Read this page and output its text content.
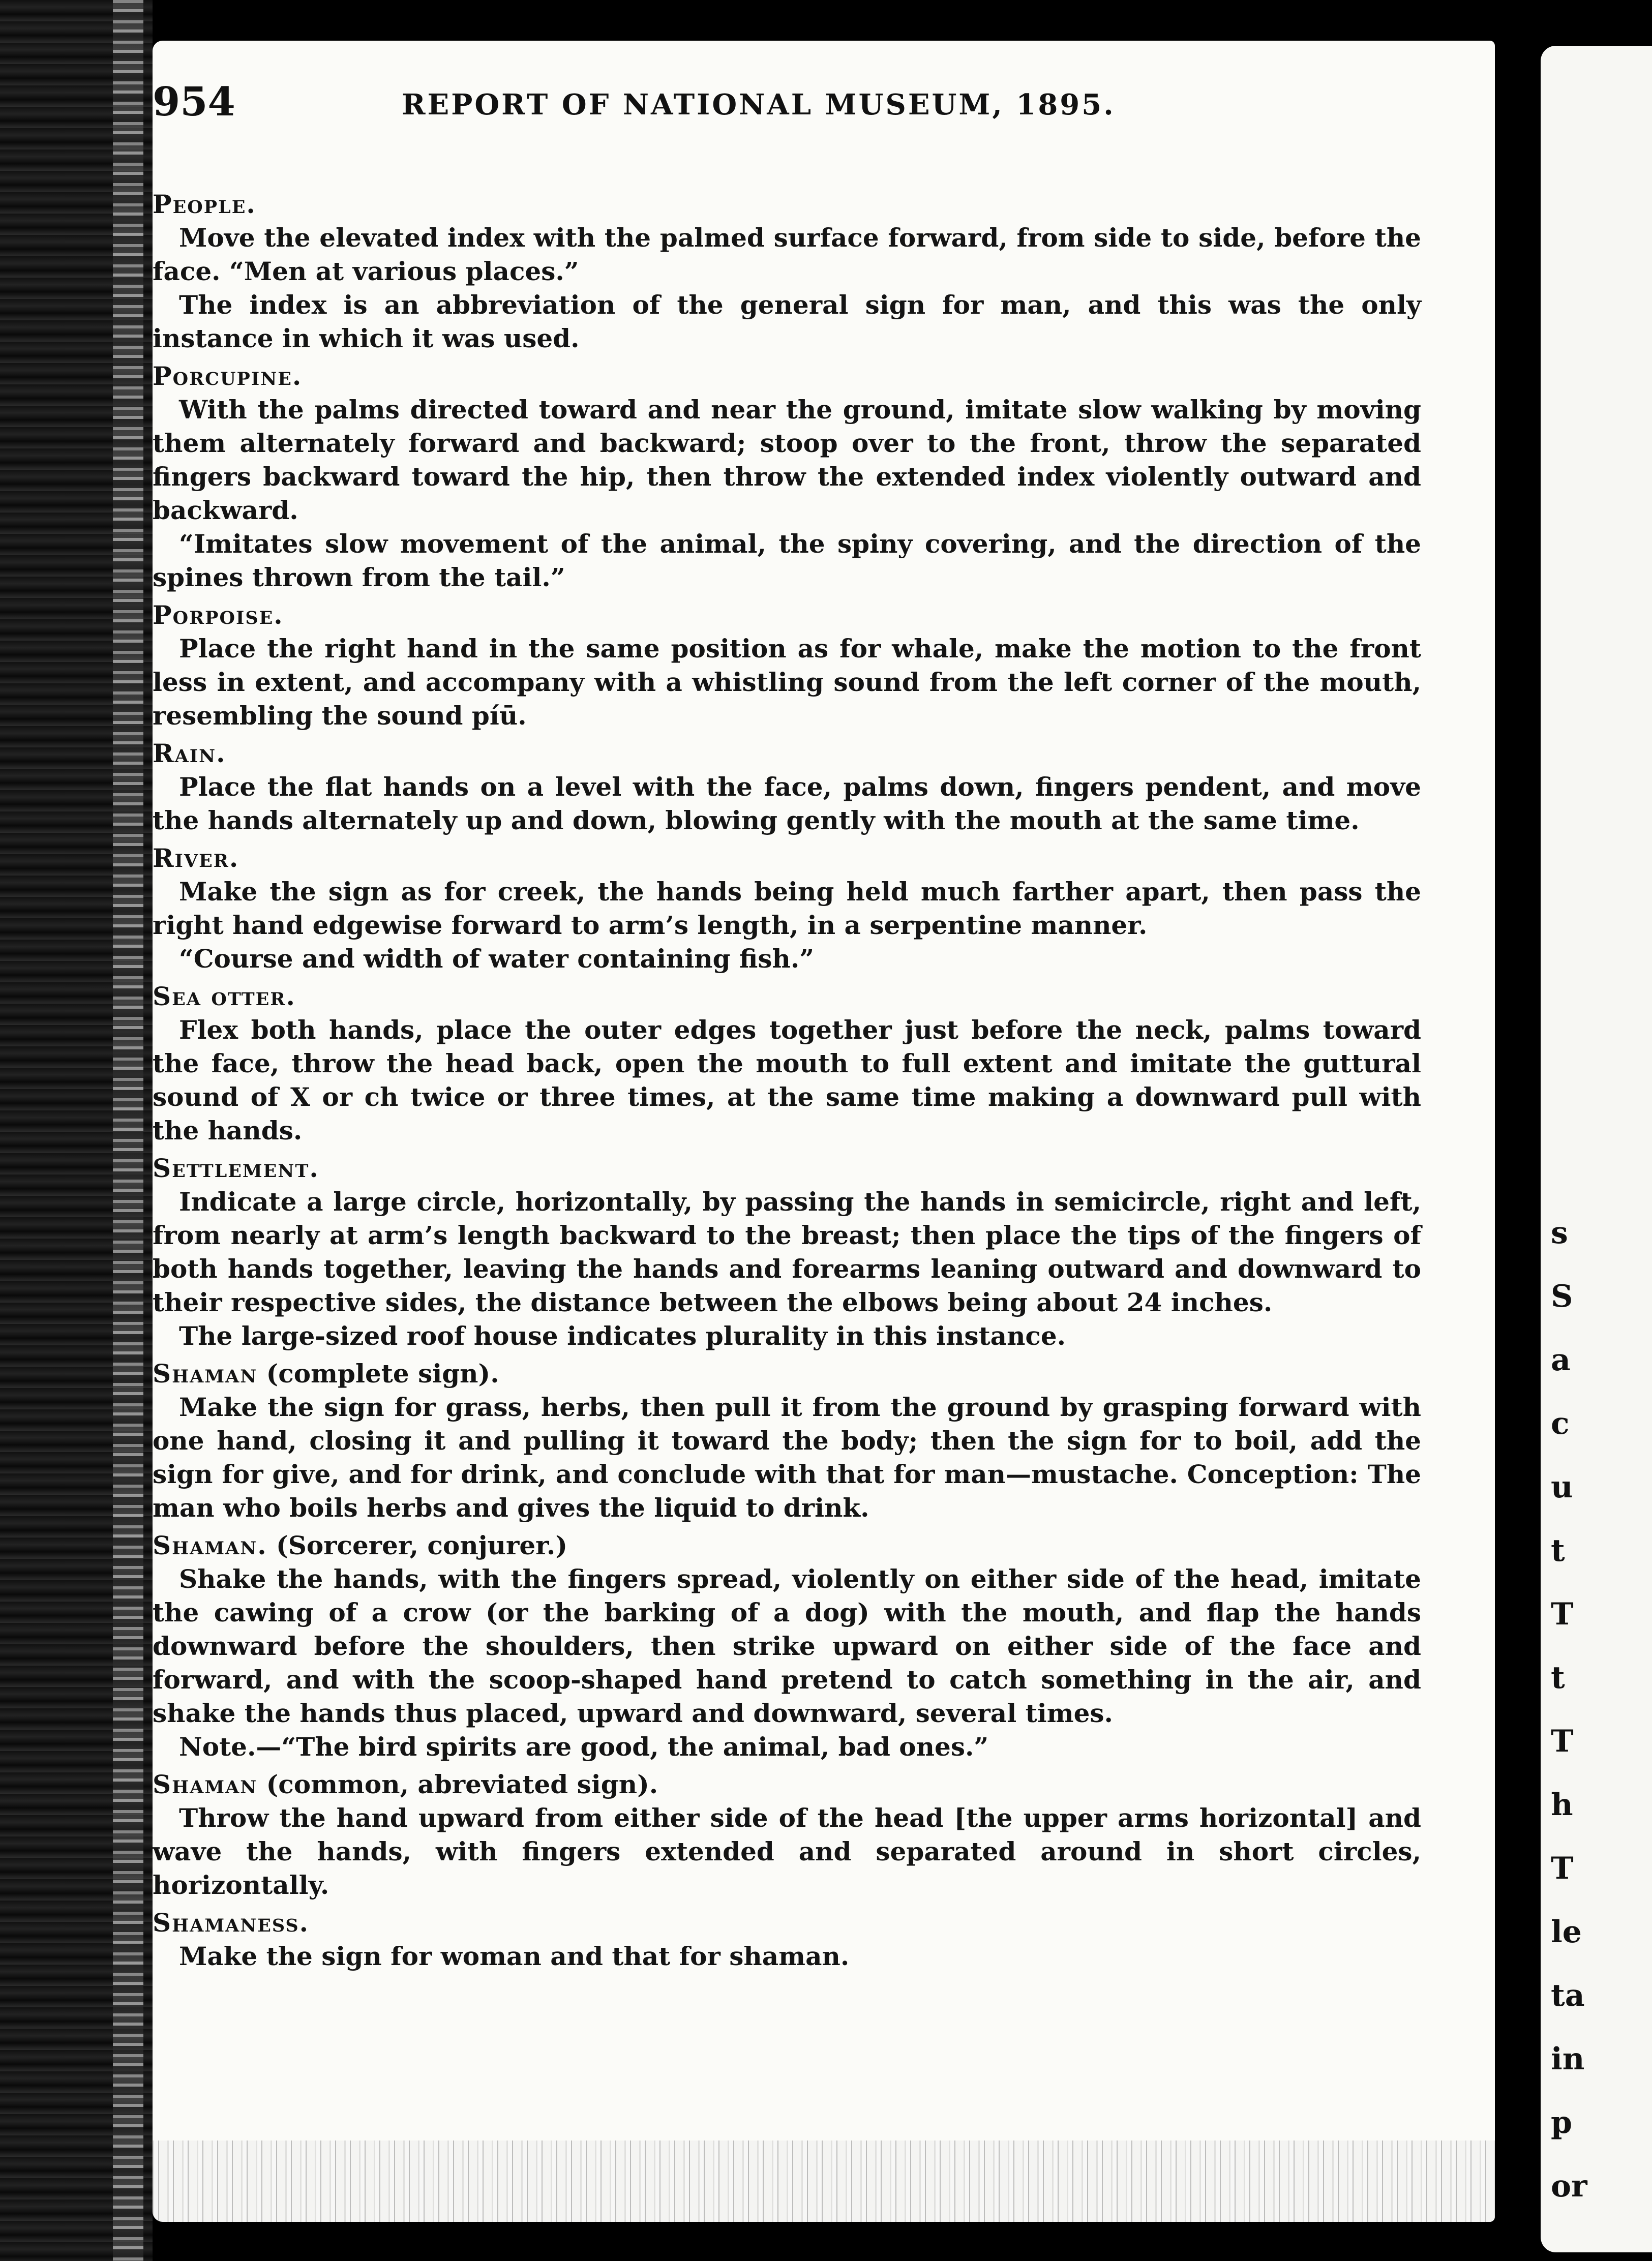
s
S
a
c
u
t
T
t
T
h
T
le
ta
in
p
or
954	REPORT OF NATIONAL MUSEUM, 1895.
People.

Move the elevated index with the palmed surface forward, from side to side, before the face. “Men at various places.”

The index is an abbreviation of the general sign for man, and this was the only instance in which it was used.

Porcupine.

With the palms directed toward and near the ground, imitate slow walking by moving them alternately forward and backward; stoop over to the front, throw the separated fingers backward toward the hip, then throw the extended index violently outward and backward.

“Imitates slow movement of the animal, the spiny covering, and the direction of the spines thrown from the tail.”

Porpoise.

Place the right hand in the same position as for whale, make the motion to the front less in extent, and accompany with a whistling sound from the left corner of the mouth, resembling the sound píū.

Rain.

Place the flat hands on a level with the face, palms down, fingers pendent, and move the hands alternately up and down, blowing gently with the mouth at the same time.

River.

Make the sign as for creek, the hands being held much farther apart, then pass the right hand edgewise forward to arm’s length, in a serpentine manner.

“Course and width of water containing fish.”

Sea otter.

Flex both hands, place the outer edges together just before the neck, palms toward the face, throw the head back, open the mouth to full extent and imitate the guttural sound of X or ch twice or three times, at the same time making a downward pull with the hands.

Settlement.

Indicate a large circle, horizontally, by passing the hands in semicircle, right and left, from nearly at arm’s length backward to the breast; then place the tips of the fingers of both hands together, leaving the hands and forearms leaning outward and downward to their respective sides, the distance between the elbows being about 24 inches.

The large-sized roof house indicates plurality in this instance.

Shaman (complete sign).

Make the sign for grass, herbs, then pull it from the ground by grasping forward with one hand, closing it and pulling it toward the body; then the sign for to boil, add the sign for give, and for drink, and conclude with that for man—mustache. Conception: The man who boils herbs and gives the liquid to drink.

Shaman. (Sorcerer, conjurer.)

Shake the hands, with the fingers spread, violently on either side of the head, imitate the cawing of a crow (or the barking of a dog) with the mouth, and flap the hands downward before the shoulders, then strike upward on either side of the face and forward, and with the scoop-shaped hand pretend to catch something in the air, and shake the hands thus placed, upward and downward, several times.

Note.—“The bird spirits are good, the animal, bad ones.”

Shaman (common, abreviated sign).

Throw the hand upward from either side of the head [the upper arms horizontal] and wave the hands, with fingers extended and separated around in short circles, horizontally.

Shamaness.

Make the sign for woman and that for shaman.
